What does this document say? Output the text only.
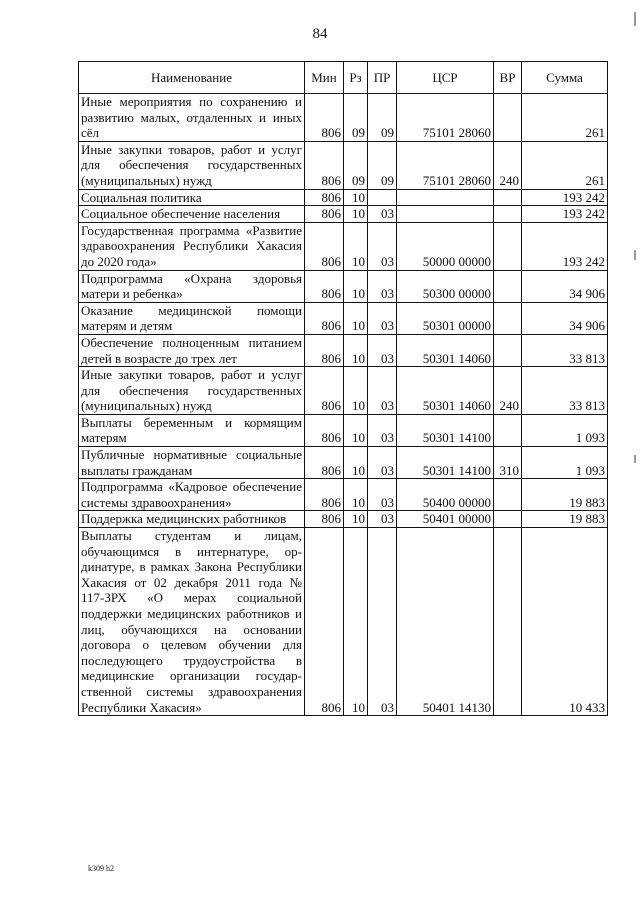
84
Наименование	Мин	Рз	ПР	ЦСР	ВР	Сумма
Иные мероприятия по сохранению и развитию малых, отдаленных и иных сёл	806	09	09	75101 28060		261
Иные закупки товаров, работ и услуг для обеспечения государственных (муниципальных) нужд	806	09	09	75101 28060	240	261
Социальная политика	806	10				193 242
Социальное обеспечение населения	806	10	03			193 242
Государственная программа «Развитие здравоохранения Республики Хакасия до 2020 года»	806	10	03	50000 00000		193 242
Подпрограмма «Охрана здоровья матери и ребенка»	806	10	03	50300 00000		34 906
Оказание медицинской помощи матерям и детям	806	10	03	50301 00000		34 906
Обеспечение полноценным питанием детей в возрасте до трех лет	806	10	03	50301 14060		33 813
Иные закупки товаров, работ и услуг для обеспечения государственных (муниципальных) нужд	806	10	03	50301 14060	240	33 813
Выплаты беременным и кормящим матерям	806	10	03	50301 14100		1 093
Публичные нормативные социальные выплаты гражданам	806	10	03	50301 14100	310	1 093
Подпрограмма «Кадровое обеспечение системы здравоохранения»	806	10	03	50400 00000		19 883
Поддержка медицинских работников	806	10	03	50401 00000		19 883
Выплаты студентам и лицам, обучающимся в интернатуре, ординатуре, в рамках Закона Республики Хакасия от 02 декабря 2011 года № 117-ЗРХ «О мерах социальной поддержки медицинских работников и лиц, обучающихся на основании договора о целевом обучении для последующего трудоустройства в медицинские организации государственной системы здравоохранения Республики Хакасия»	806	10	03	50401 14130		10 433
k309 h2
